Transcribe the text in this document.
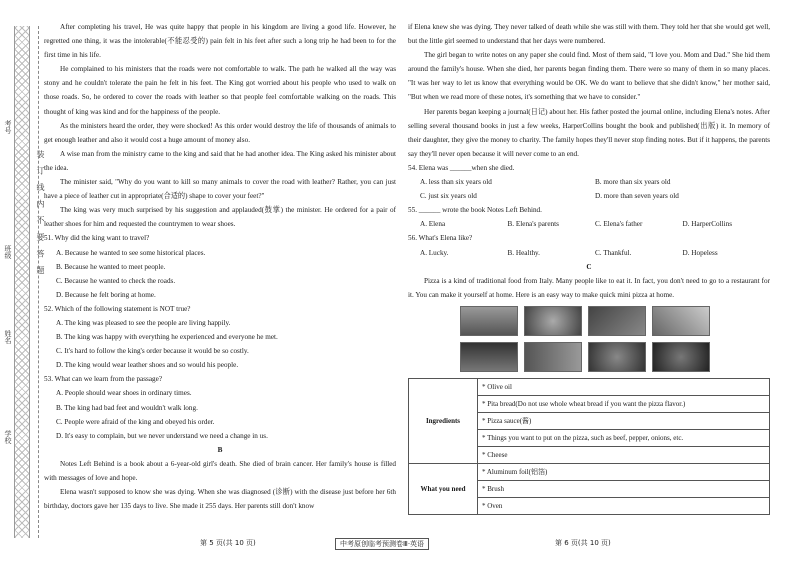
考号
班级
姓名
学校
装 订 线 内 不 要 答 题

After completing his travel, He was quite happy that people in his kingdom are living a good life. However, he regretted one thing, it was the intolerable(不能忍受的) pain felt in his feet after such a long trip he had been to for the first time in his life.

He complained to his ministers that the roads were not comfortable to walk. The path he walked all the way was stony and he couldn't tolerate the pain he felt in his feet. The King got worried about his people who used to walk on those roads. So, he ordered to cover the roads with leather so that people feel comfortable walking on the roads. This thought of king was kind and for the happiness of the people.

As the ministers heard the order, they were shocked! As this order would destroy the life of thousands of animals to get enough leather and also it would cost a huge amount of money also.

A wise man from the ministry came to the king and said that he had another idea. The King asked his minister about the idea.

The minister said, "Why do you want to kill so many animals to cover the road with leather? Rather, you can just have a piece of leather cut in appropriate(合适的) shape to cover your feet?"

The king was very much surprised by his suggestion and applauded(鼓掌) the minister. He ordered for a pair of leather shoes for him and requested the countrymen to wear shoes.

51. Why did the king want to travel?

A. Because he wanted to see some historical places.

B. Because he wanted to meet people.

C. Because he wanted to check the roads.

D. Because he felt boring at home.

52. Which of the following statement is NOT true?

A. The king was pleased to see the people are living happily.

B. The king was happy with everything he experienced and everyone he met.

C. It's hard to follow the king's order because it would be so costly.

D. The king would wear leather shoes and so would his people.

53. What can we learn from the passage?

A. People should wear shoes in ordinary times.

B. The king had bad feet and wouldn't walk long.

C. People were afraid of the king and obeyed his order.

D. It's easy to complain, but we never understand we need a change in us.

B

Notes Left Behind is a book about a 6-year-old girl's death. She died of brain cancer. Her family's house is filled with messages of love and hope.

Elena wasn't supposed to know she was dying. When she was diagnosed (诊断) with the disease just before her 6th birthday, doctors gave her 135 days to live. She made it 255 days. Her parents still don't know

if Elena knew she was dying. They never talked of death while she was still with them. They told her that she would get well, but the little girl seemed to understand that her days were numbered.

The girl began to write notes on any paper she could find. Most of them said, "I love you. Mom and Dad." She hid them around the family's house. When she died, her parents began finding them. There were so many of them in so many places. "It was her way to let us know that everything would be OK. We do want to believe that she didn't know," her mother said, "But when we read more of these notes, it's something that we have to consider."

Her parents began keeping a journal(日记) about her. His father posted the journal online, including Elena's notes. After selling several thousand books in just a few weeks, HarperCollins bought the book and published(出版) it. In memory of their daughter, they give the money to charity. The family hopes they'll never stop finding notes. But if it happens, the parents say they'll never open because it will never come to an end.

54. Elena was ______when she died.

A. less than six years old	B. more than six years old
C. just six years old	D. more than seven years old

55. ______ wrote the book Notes Left Behind.

A. Elena	B. Elena's parents	C. Elena's father	D. HarperCollins

56. What's Elena like?

A. Lucky.	B. Healthy.	C. Thankful.	D. Hopeless

C

Pizza is a kind of traditional food from Italy. Many people like to eat it. In fact, you don't need to go to a restaurant for it. You can make it yourself at home. Here is an easy way to make quick mini pizza at home.

Ingredients	* Olive oil
	* Pita bread(Do not use whole wheat bread if you want the pizza flavor.)
	* Pizza sauce(酱)
	* Things you want to put on the pizza, such as beef, pepper, onions, etc.
	* Cheese
What you need	* Aluminum foil(铝箔)
	* Brush
	* Oven
第 5 页(共 10 页)	中考原创临考预测卷Ⅲ·英语	第 6 页(共 10 页)
